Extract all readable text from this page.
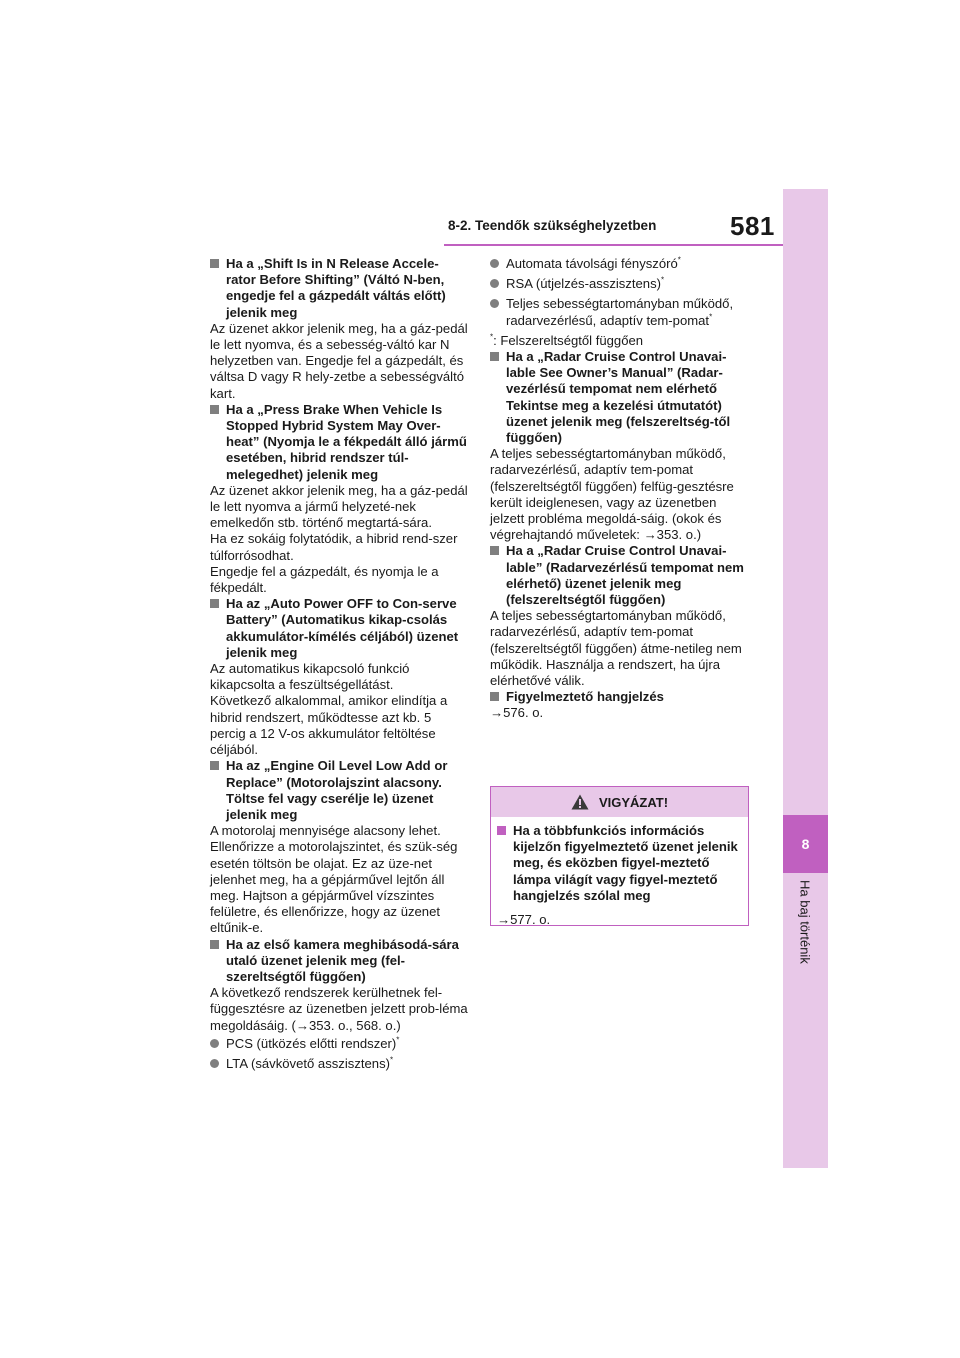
8
Ha baj történik
8-2. Teendők szükséghelyzetben	581
Ha a „Shift Is in N Release Accele-rator Before Shifting” (Váltó N-ben, engedje fel a gázpedált váltás előtt) jelenik meg
Az üzenet akkor jelenik meg, ha a gáz-pedál le lett nyomva, és a sebesség-váltó kar N helyzetben van. Engedje fel a gázpedált, és váltsa D vagy R hely-zetbe a sebességváltó kart.
Ha a „Press Brake When Vehicle Is Stopped Hybrid System May Over-heat” (Nyomja le a fékpedált álló jármű esetében, hibrid rendszer túl-melegedhet) jelenik meg
Az üzenet akkor jelenik meg, ha a gáz-pedál le lett nyomva a jármű helyzeté-nek emelkedőn stb. történő megtartá-sára.
Ha ez sokáig folytatódik, a hibrid rend-szer túlforrósodhat.
Engedje fel a gázpedált, és nyomja le a fékpedált.
Ha az „Auto Power OFF to Con-serve Battery” (Automatikus kikap-csolás akkumulátor-kímélés céljából) üzenet jelenik meg
Az automatikus kikapcsoló funkció kikapcsolta a feszültségellátást.
Következő alkalommal, amikor elindítja a hibrid rendszert, működtesse azt kb. 5 percig a 12 V-os akkumulátor feltöltése céljából.
Ha az „Engine Oil Level Low Add or Replace” (Motorolajszint alacsony. Töltse fel vagy cserélje le) üzenet jelenik meg
A motorolaj mennyisége alacsony lehet. Ellenőrizze a motorolajszintet, és szük-ség esetén töltsön be olajat. Ez az üze-net jelenhet meg, ha a gépjárművel lejtőn áll meg. Hajtson a gépjárművel vízszintes felületre, és ellenőrizze, hogy az üzenet eltűnik-e.
Ha az első kamera meghibásodá-sára utaló üzenet jelenik meg (fel-szereltségtől függően)
A következő rendszerek kerülhetnek fel-függesztésre az üzenetben jelzett prob-léma megoldásáig. (→353. o., 568. o.)
PCS (ütközés előtti rendszer)*
LTA (sávkövető asszisztens)*
Automata távolsági fényszóró*
RSA (útjelzés-asszisztens)*
Teljes sebességtartományban működő, radarvezérlésű, adaptív tem-pomat*
*: Felszereltségtől függően
Ha a „Radar Cruise Control Unavai-lable See Owner’s Manual” (Radar-vezérlésű tempomat nem elérhető Tekintse meg a kezelési útmutatót) üzenet jelenik meg (felszereltség-től függően)
A teljes sebességtartományban működő, radarvezérlésű, adaptív tem-pomat (felszereltségtől függően) felfüg-gesztésre került ideiglenesen, vagy az üzenetben jelzett probléma megoldá-sáig. (okok és végrehajtandó műveletek: →353. o.)
Ha a „Radar Cruise Control Unavai-lable” (Radarvezérlésű tempomat nem elérhető) üzenet jelenik meg (felszereltségtől függően)
A teljes sebességtartományban működő, radarvezérlésű, adaptív tem-pomat (felszereltségtől függően) átme-netileg nem működik. Használja a rendszert, ha újra elérhetővé válik.
Figyelmeztető hangjelzés
→576. o.
VIGYÁZAT!
Ha a többfunkciós információs kijelzőn figyelmeztető üzenet jelenik meg, és eközben figyel-meztető lámpa világít vagy figyel-meztető hangjelzés szólal meg
→577. o.
